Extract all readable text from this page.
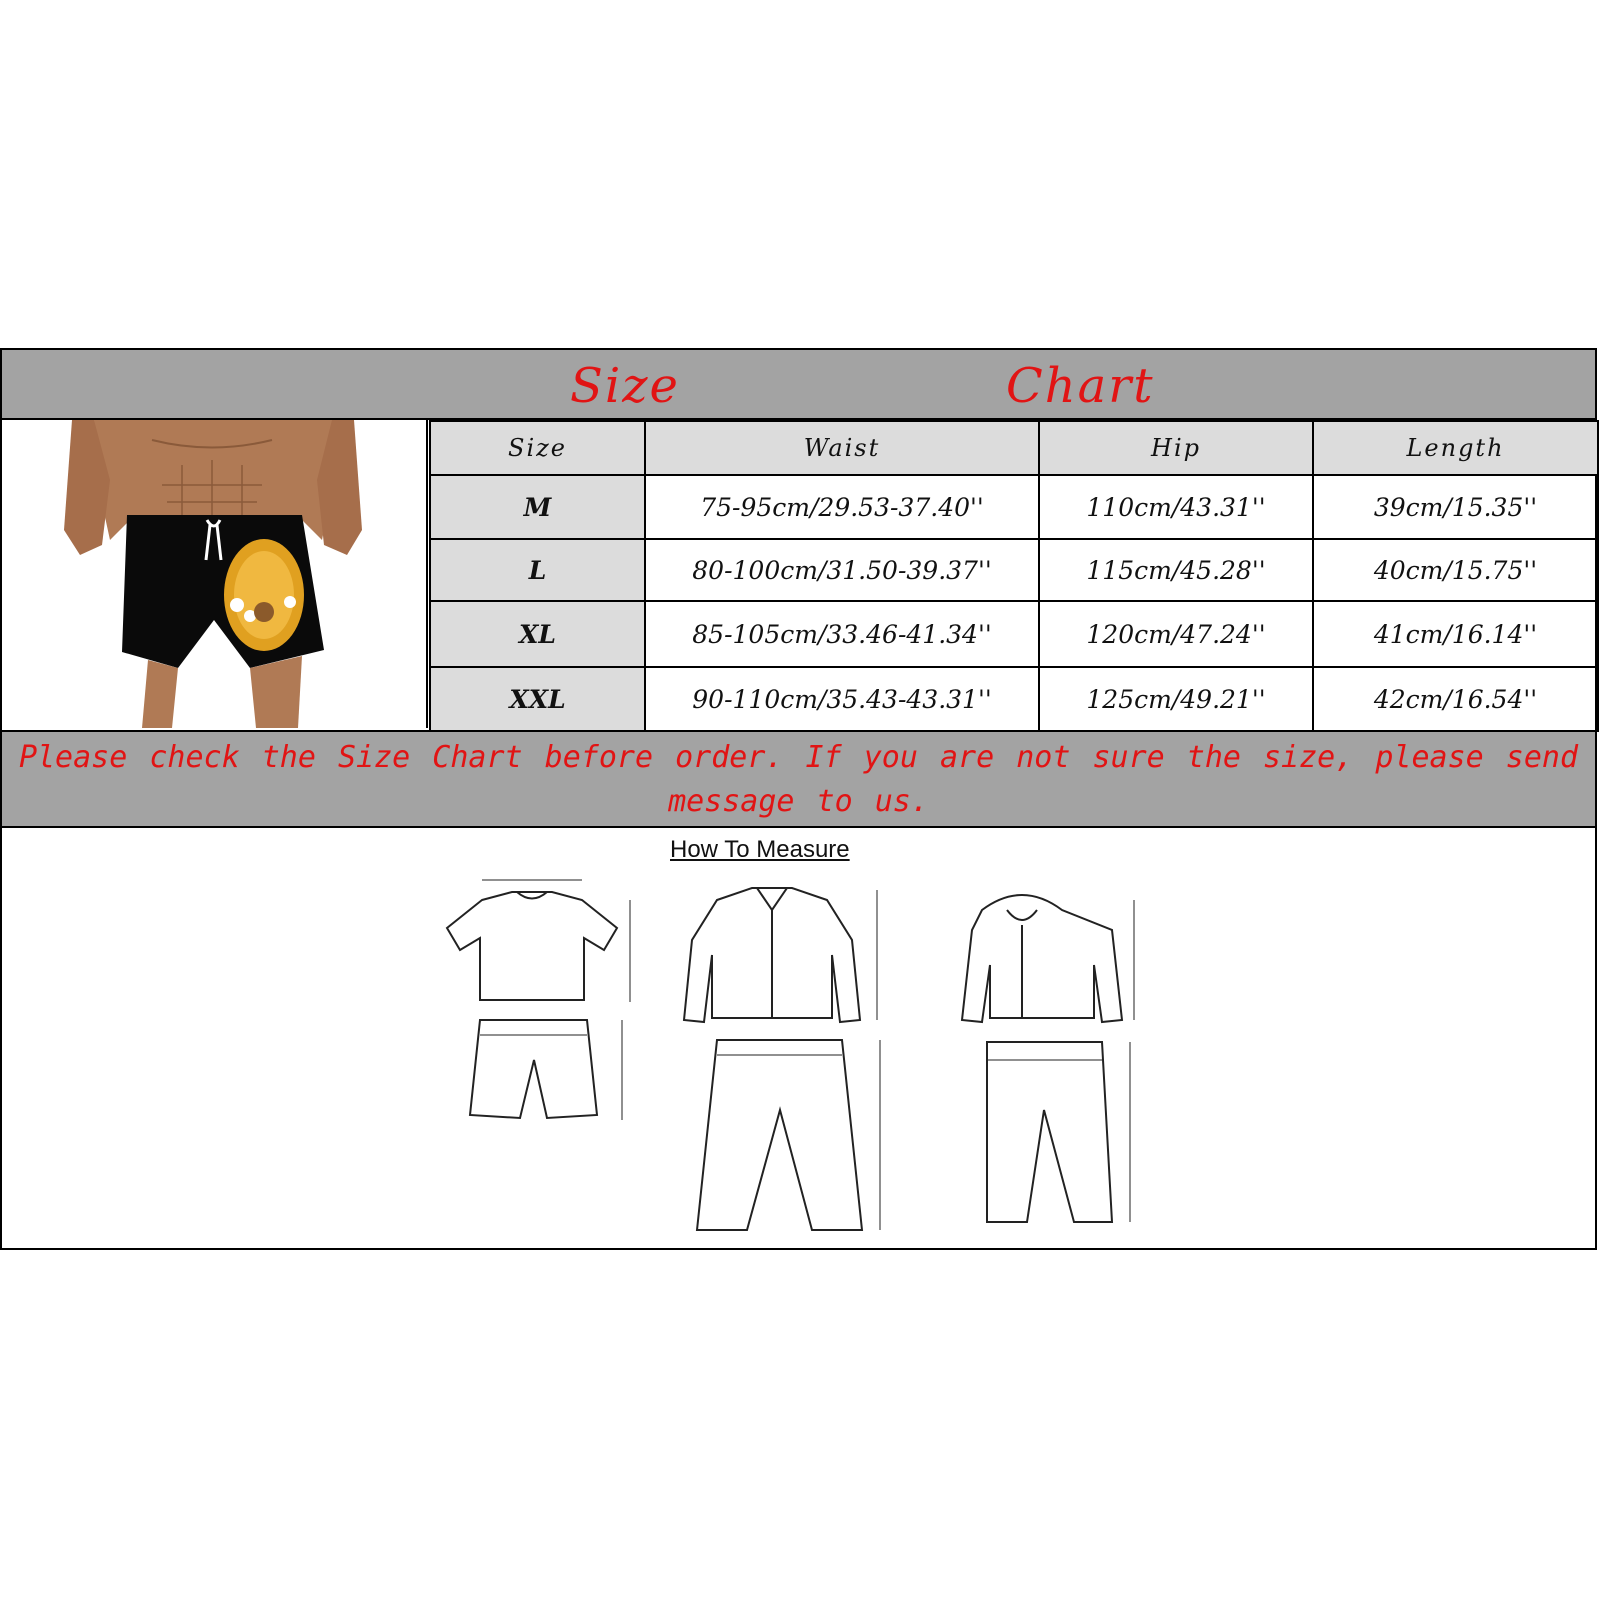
Size	Chart
Size	Waist	Hip	Length
M	75-95cm/29.53-37.40''	110cm/43.31''	39cm/15.35''
L	80-100cm/31.50-39.37''	115cm/45.28''	40cm/15.75''
XL	85-105cm/33.46-41.34''	120cm/47.24''	41cm/16.14''
XXL	90-110cm/35.43-43.31''	125cm/49.21''	42cm/16.54''
Please check the Size Chart before order. If you are not sure the size, please send message to us.
How To Measure
